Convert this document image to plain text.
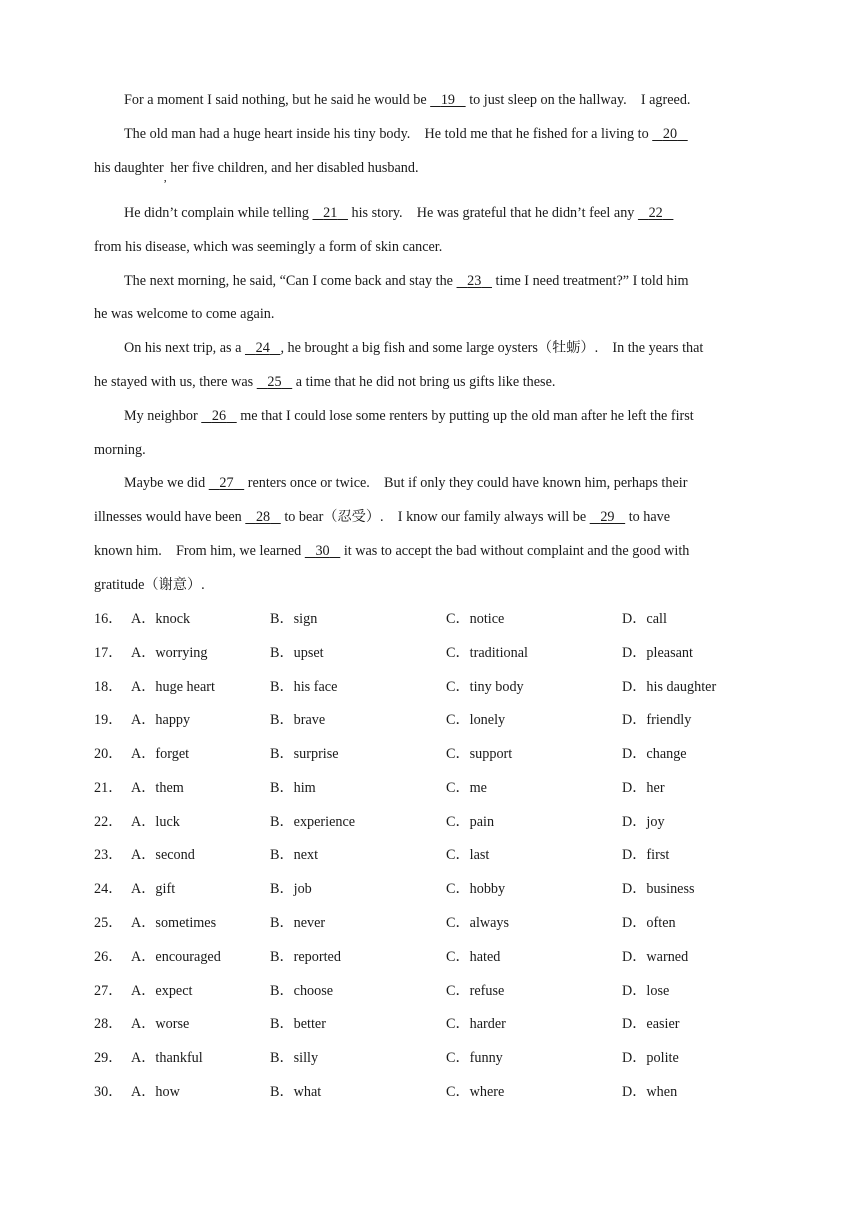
For a moment I said nothing, but he said he would be    19    to just sleep on the hallway.　I agreed.
The old man had a huge heart inside his tiny body.　He told me that he fished for a living to    20
his daughter$_,$ her five children, and her disabled husband.
He didn’t complain while telling    21    his story.　He was grateful that he didn’t feel any    22
from his disease, which was seemingly a form of skin cancer.
The next morning, he said, “Can I come back and stay the    23    time I need treatment?” I told him
he was welcome to come again.
On his next trip, as a    24 , he brought a big fish and some large oysters（牡蛎）.　In the years that
he stayed with us, there was    25    a time that he did not bring us gifts like these.
My neighbor    26    me that I could lose some renters by putting up the old man after he left the first
morning.
Maybe we did    27    renters once or twice.　But if only they could have known him, perhaps their
illnesses would have been    28    to bear（忍受）.　I know our family always will be    29    to have
known him.　From him, we learned    30    it was to accept the bad without complaint and the good with
gratitude（谢意）.
16． A．knock	B．sign	C．notice	D．call
17． A．worrying	B．upset	C．traditional	D．pleasant
18． A．huge heart	B．his face	C．tiny body	D．his daughter
19． A．happy	B．brave	C．lonely	D．friendly
20． A．forget	B．surprise	C．support	D．change
21． A．them	B．him	C．me	D．her
22． A．luck	B．experience	C．pain	D．joy
23． A．second	B．next	C．last	D．first
24． A．gift	B．job	C．hobby	D．business
25． A．sometimes	B．never	C．always	D．often
26． A．encouraged	B．reported	C．hated	D．warned
27． A．expect	B．choose	C．refuse	D．lose
28． A．worse	B．better	C．harder	D．easier
29． A．thankful	B．silly	C．funny	D．polite
30． A．how	B．what	C．where	D．when
